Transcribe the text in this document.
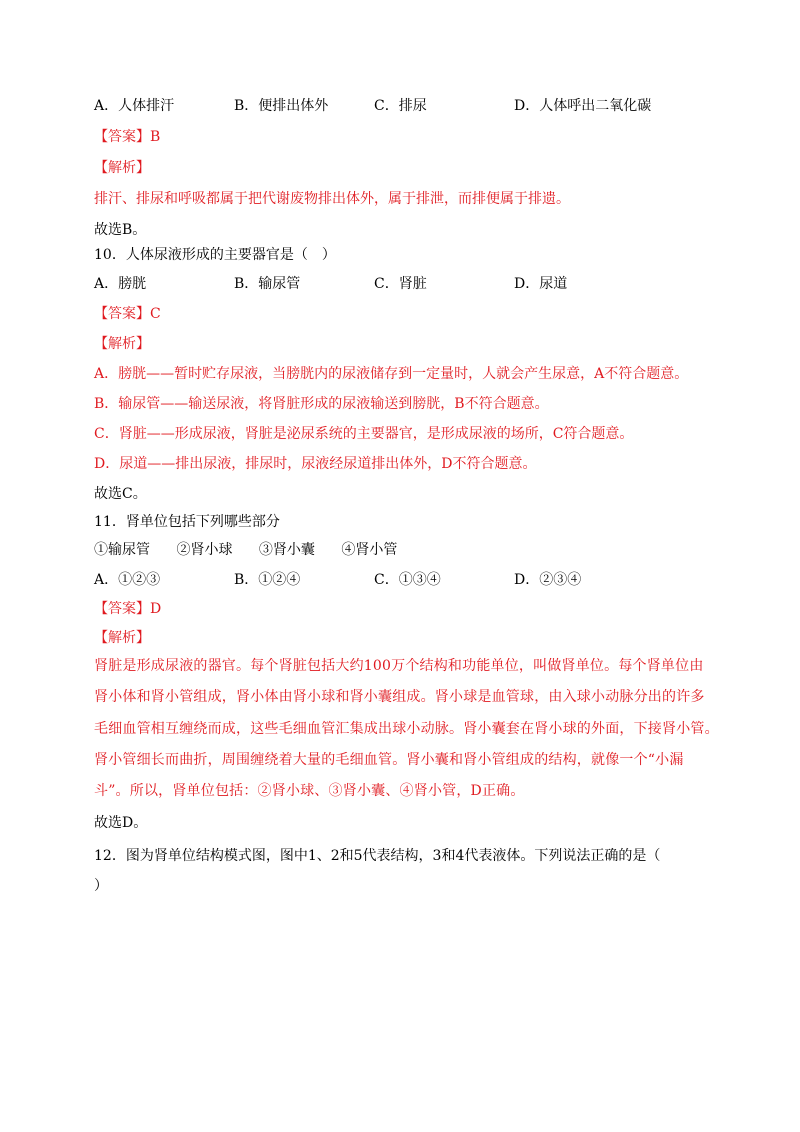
A．人体排汗	B．便排出体外	C．排尿	D．人体呼出二氧化碳
【答案】B
【解析】
排汗、排尿和呼吸都属于把代谢废物排出体外，属于排泄，而排便属于排遗。
故选B。
10．人体尿液形成的主要器官是（　）
A．膀胱	B．输尿管	C．肾脏	D．尿道
【答案】C
【解析】
A．膀胱——暂时贮存尿液，当膀胱内的尿液储存到一定量时，人就会产生尿意，A不符合题意。
B．输尿管——输送尿液，将肾脏形成的尿液输送到膀胱，B不符合题意。
C．肾脏——形成尿液，肾脏是泌尿系统的主要器官，是形成尿液的场所，C符合题意。
D．尿道——排出尿液，排尿时，尿液经尿道排出体外，D不符合题意。
故选C。
11．肾单位包括下列哪些部分
①输尿管 ②肾小球 ③肾小囊 ④肾小管
A．①②③	B．①②④	C．①③④	D．②③④
【答案】D
【解析】
肾脏是形成尿液的器官。每个肾脏包括大约100万个结构和功能单位，叫做肾单位。每个肾单位由
肾小体和肾小管组成，肾小体由肾小球和肾小囊组成。肾小球是血管球，由入球小动脉分出的许多
毛细血管相互缠绕而成，这些毛细血管汇集成出球小动脉。肾小囊套在肾小球的外面，下接肾小管。
肾小管细长而曲折，周围缠绕着大量的毛细血管。肾小囊和肾小管组成的结构，就像一个“小漏
斗”。所以，肾单位包括：②肾小球、③肾小囊、④肾小管，D正确。
故选D。
12．图为肾单位结构模式图，图中1、2和5代表结构，3和4代表液体。下列说法正确的是（
）
